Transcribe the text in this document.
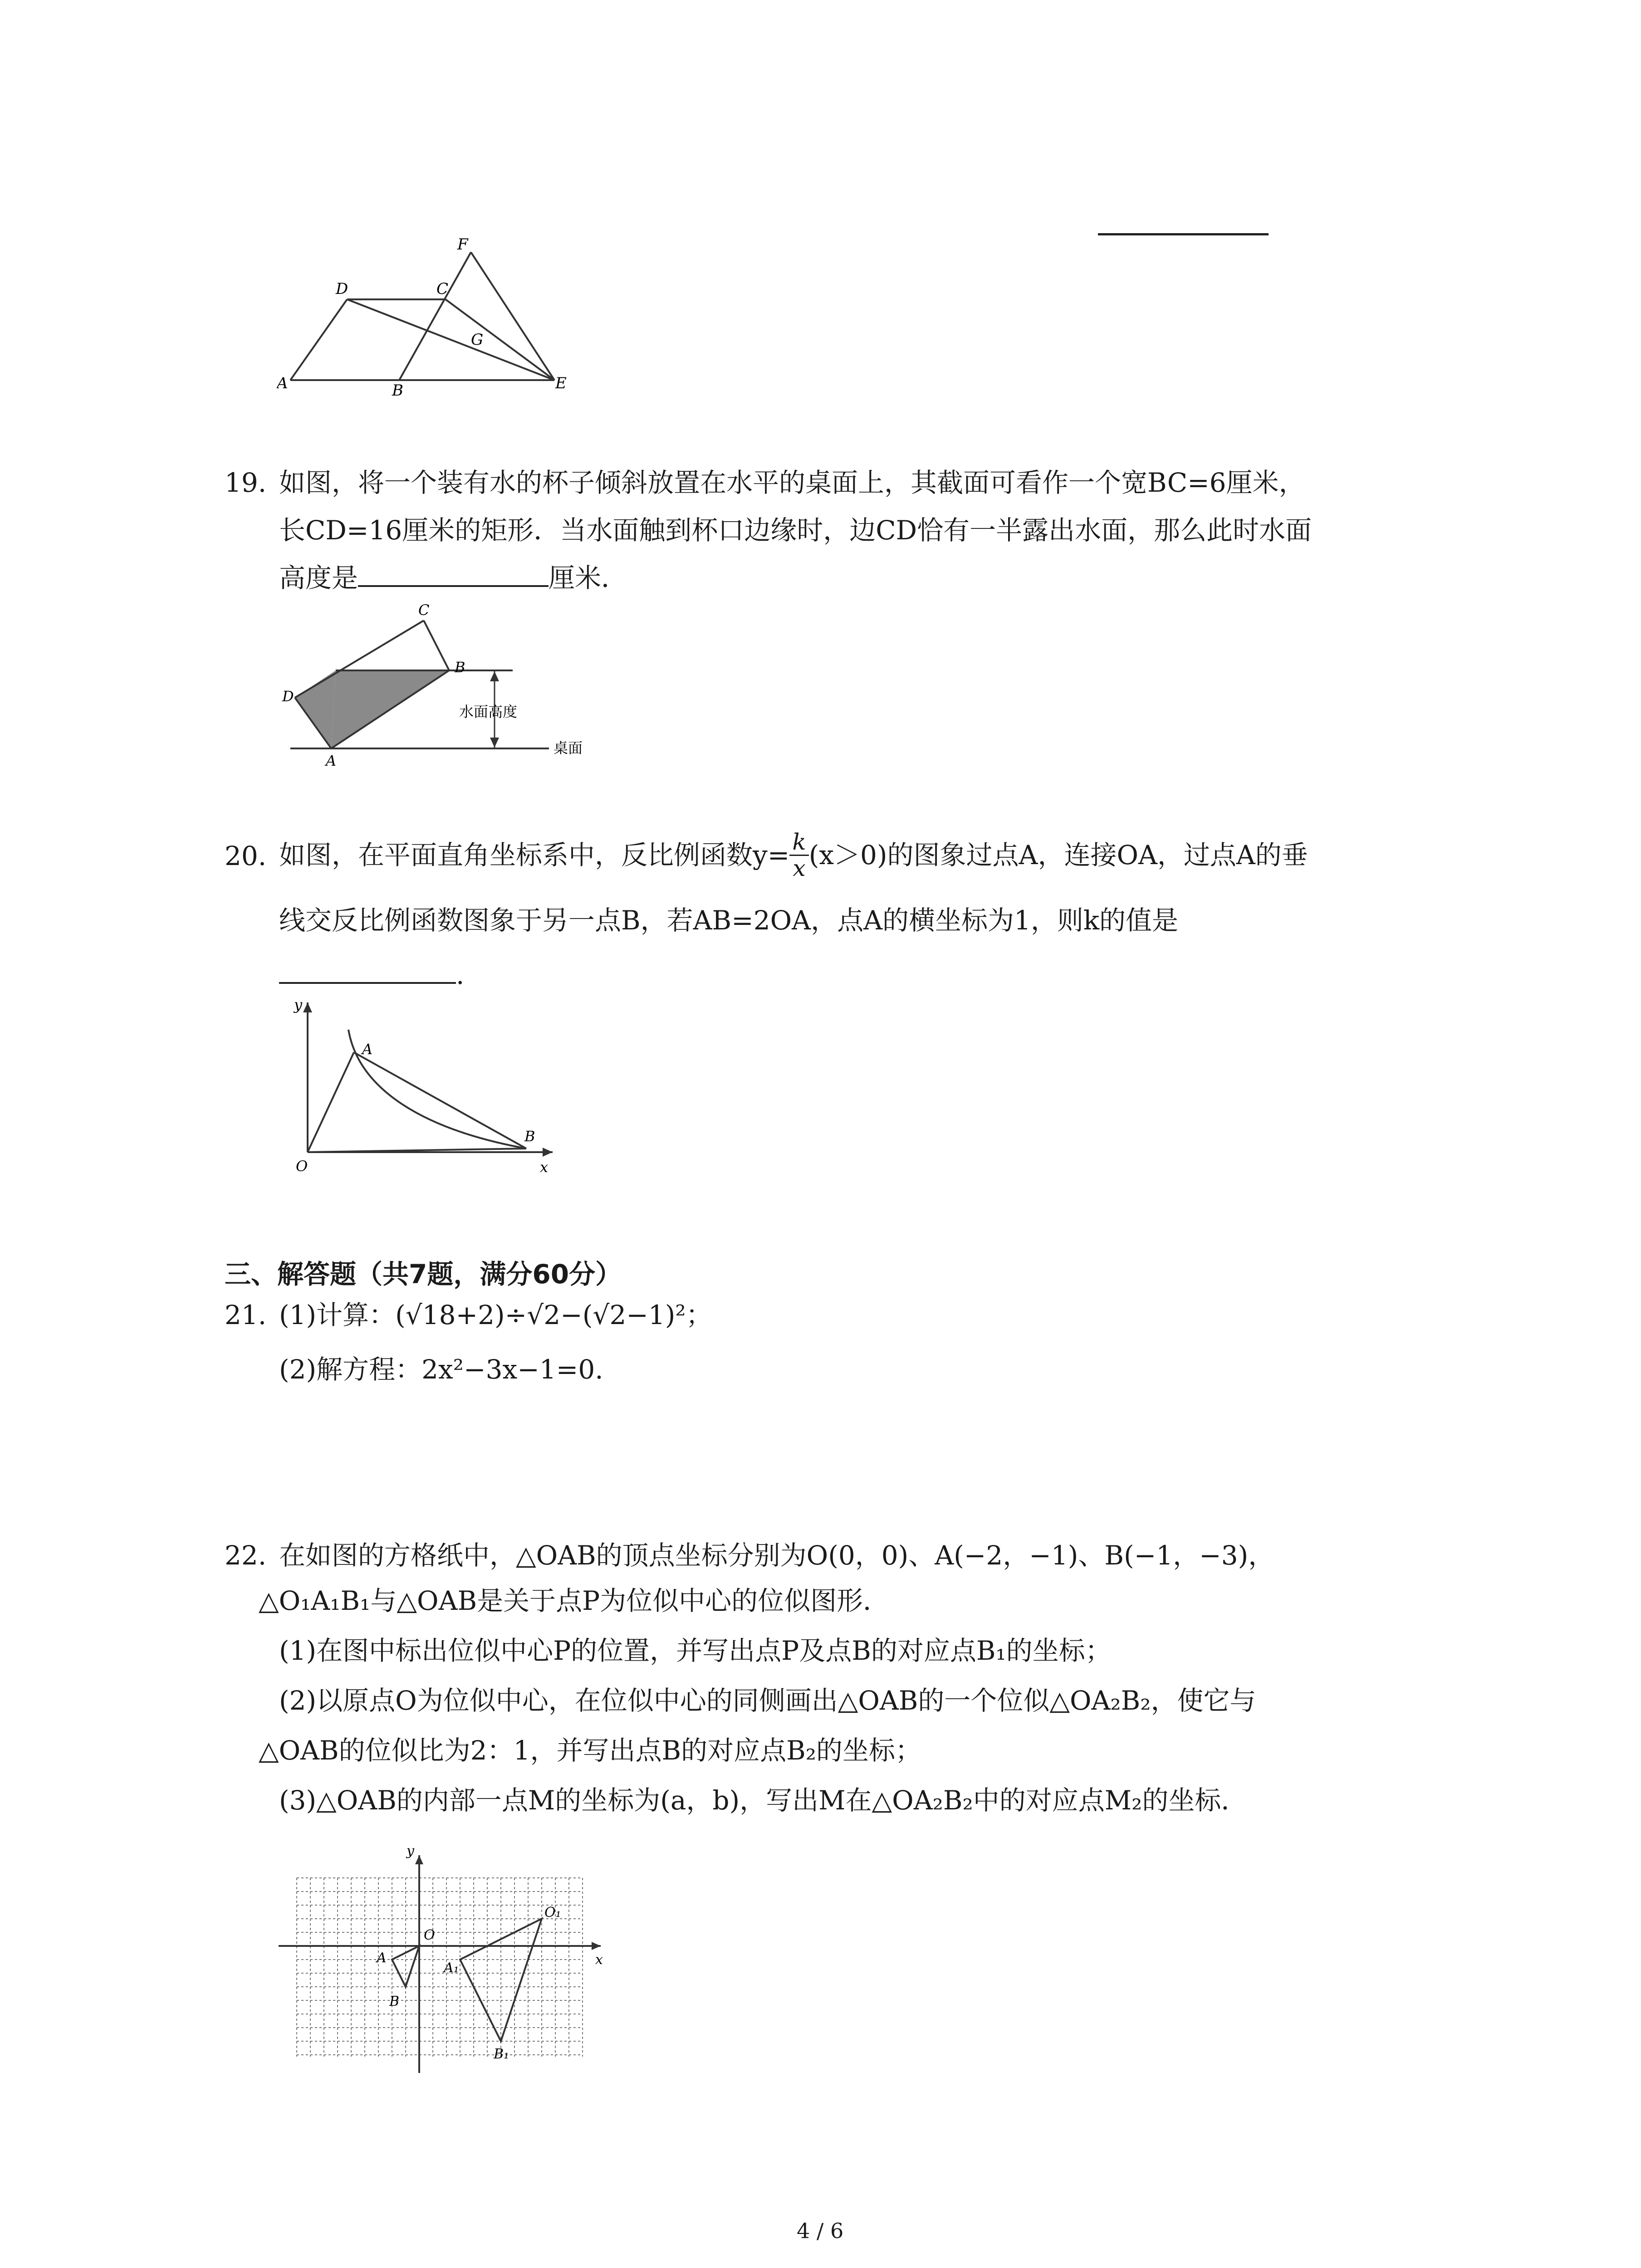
F
D	C
G
A	B	E
19. 如图，将一个装有水的杯子倾斜放置在水平的桌面上，其截面可看作一个宽BC=6厘米，
长CD=16厘米的矩形．当水面触到杯口边缘时，边CD恰有一半露出水面，那么此时水面
高度是	厘米．
C
B
D
A
水面高度
桌面
20. 如图，在平面直角坐标系中，反比例函数$y= \frac{k}{x} (x>0)$的图象过点A，连接OA，过点A的垂
线交反比例函数图象于另一点B，若AB=2OA，点A的横坐标为1，则k的值是
.
y
A
B
O	x
三、解答题（共7题，满分60分）
21. (1)计算：(√18+2)÷√2−(√2−1)²；
(2)解方程：2x²−3x−1=0.
22. 在如图的方格纸中，△OAB的顶点坐标分别为O(0，0)、A(−2，−1)、B(−1，−3)，
△O₁A₁B₁与△OAB是关于点P为位似中心的位似图形．
(1)在图中标出位似中心P的位置，并写出点P及点B的对应点B₁的坐标；
(2)以原点O为位似中心，在位似中心的同侧画出△OAB的一个位似△OA₂B₂，使它与
△OAB的位似比为2：1，并写出点B的对应点B₂的坐标；
(3)△OAB的内部一点M的坐标为(a，b)，写出M在△OA₂B₂中的对应点M₂的坐标．
y
x
O
O₁
A
A₁
B
B₁
4 / 6
